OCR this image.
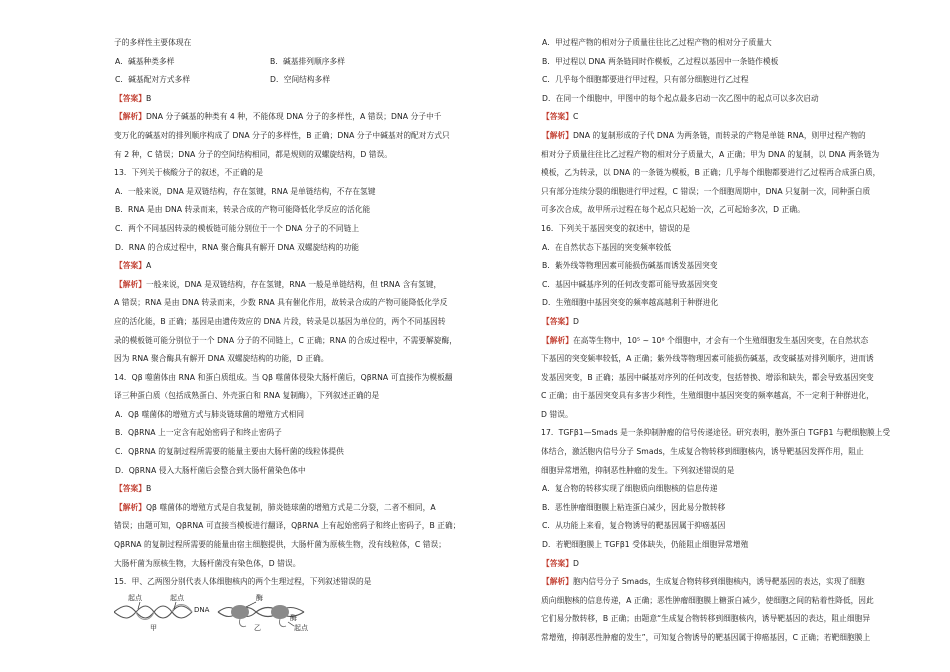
子的多样性主要体现在
A．碱基种类多样	B．碱基排列顺序多样
C．碱基配对方式多样	D．空间结构多样
【答案】B
【解析】DNA 分子碱基的种类有 4 种，不能体现 DNA 分子的多样性，A 错误；DNA 分子中千
变万化的碱基对的排列顺序构成了 DNA 分子的多样性，B 正确；DNA 分子中碱基对的配对方式只
有 2 种，C 错误；DNA 分子的空间结构相同，都是规则的双螺旋结构，D 错误。
13．下列关于核酸分子的叙述，不正确的是
A．一般来说，DNA 是双链结构，存在氢键，RNA 是单链结构，不存在氢键
B．RNA 是由 DNA 转录而来，转录合成的产物可能降低化学反应的活化能
C．两个不同基因转录的模板链可能分别位于一个 DNA 分子的不同链上
D．RNA 的合成过程中，RNA 聚合酶具有解开 DNA 双螺旋结构的功能
【答案】A
【解析】一般来说，DNA 是双链结构，存在氢键，RNA 一般是单链结构，但 tRNA 含有氢键，
A 错误；RNA 是由 DNA 转录而来，少数 RNA 具有催化作用，故转录合成的产物可能降低化学反
应的活化能，B 正确；基因是由遗传效应的 DNA 片段，转录是以基因为单位的，两个不同基因转
录的模板链可能分别位于一个 DNA 分子的不同链上，C 正确；RNA 的合成过程中，不需要解旋酶，
因为 RNA 聚合酶具有解开 DNA 双螺旋结构的功能，D 正确。
14．Qβ 噬菌体由 RNA 和蛋白质组成。当 Qβ 噬菌体侵染大肠杆菌后，QβRNA 可直接作为模板翻
译三种蛋白质（包括成熟蛋白、外壳蛋白和 RNA 复制酶），下列叙述正确的是
A．Qβ 噬菌体的增殖方式与肺炎链球菌的增殖方式相同
B．QβRNA 上一定含有起始密码子和终止密码子
C．QβRNA 的复制过程所需要的能量主要由大肠杆菌的线粒体提供
D．QβRNA 侵入大肠杆菌后会整合到大肠杆菌染色体中
【答案】B
【解析】Qβ 噬菌体的增殖方式是自我复制，肺炎链球菌的增殖方式是二分裂，二者不相同，A
错误；由题可知，QβRNA 可直接当模板进行翻译，QβRNA 上有起始密码子和终止密码子，B 正确；
QβRNA 的复制过程所需要的能量由宿主细胞提供，大肠杆菌为原核生物，没有线粒体，C 错误；
大肠杆菌为原核生物，大肠杆菌没有染色体，D 错误。
15．甲、乙两图分别代表人体细胞核内的两个生理过程，下列叙述错误的是
起点	起点
DNA
甲
酶
酶
起点
乙
A．甲过程产物的相对分子质量往往比乙过程产物的相对分子质量大
B．甲过程以 DNA 两条链同时作模板，乙过程以基因中一条链作模板
C．几乎每个细胞都要进行甲过程，只有部分细胞进行乙过程
D．在同一个细胞中，甲图中的每个起点最多启动一次乙图中的起点可以多次启动
【答案】C
【解析】DNA 的复制形成的子代 DNA 为两条链，而转录的产物是单链 RNA，则甲过程产物的
相对分子质量往往比乙过程产物的相对分子质量大，A 正确；甲为 DNA 的复制，以 DNA 两条链为
模板，乙为转录，以 DNA 的一条链为模板，B 正确；几乎每个细胞都要进行乙过程再合成蛋白质，
只有部分连续分裂的细胞进行甲过程，C 错误；一个细胞周期中，DNA 只复制一次，同种蛋白质
可多次合成，故甲所示过程在每个起点只起始一次，乙可起始多次，D 正确。
16．下列关于基因突变的叙述中，错误的是
A．在自然状态下基因的突变频率较低
B．紫外线等物理因素可能损伤碱基而诱发基因突变
C．基因中碱基序列的任何改变都可能导致基因突变
D．生殖细胞中基因突变的频率越高越利于种群进化
【答案】D
【解析】在高等生物中，10⁵ ~ 10⁸ 个细胞中，才会有一个生殖细胞发生基因突变，在自然状态
下基因的突变频率较低，A 正确；紫外线等物理因素可能损伤碱基，改变碱基对排列顺序，进而诱
发基因突变，B 正确；基因中碱基对序列的任何改变，包括替换、增添和缺失，都会导致基因突变
C 正确；由于基因突变具有多害少利性，生殖细胞中基因突变的频率越高，不一定利于种群进化，
D 错误。
17．TGFβ1—Smads 是一条抑制肿瘤的信号传递途径。研究表明，胞外蛋白 TGFβ1 与靶细胞膜上受
体结合，激活胞内信号分子 Smads，生成复合物转移到细胞核内，诱导靶基因发挥作用，阻止
细胞异常增殖，抑制恶性肿瘤的发生。下列叙述错误的是
A．复合物的转移实现了细胞质向细胞核的信息传递
B．恶性肿瘤细胞膜上粘连蛋白减少，因此易分散转移
C．从功能上来看，复合物诱导的靶基因属于抑癌基因
D．若靶细胞膜上 TGFβ1 受体缺失，仍能阻止细胞异常增殖
【答案】D
【解析】胞内信号分子 Smads，生成复合物转移到细胞核内，诱导靶基因的表达，实现了细胞
质向细胞核的信息传递，A 正确；恶性肿瘤细胞膜上糖蛋白减少，使细胞之间的粘着性降低，因此
它们易分散转移，B 正确；由题意“生成复合物转移到细胞核内，诱导靶基因的表达，阻止细胞异
常增殖，抑制恶性肿瘤的发生”，可知复合物诱导的靶基因属于抑癌基因，C 正确；若靶细胞膜上
